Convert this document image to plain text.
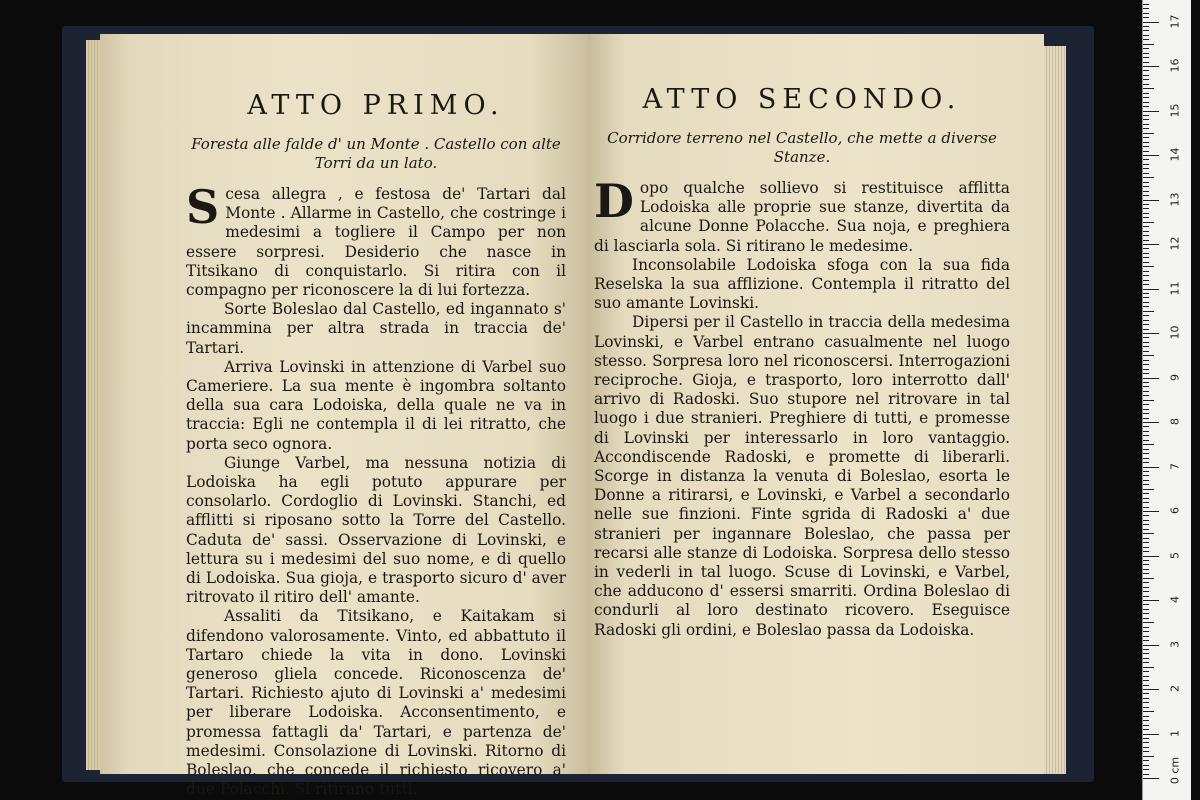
ATTO PRIMO.

Foresta alle falde d' un Monte . Castello con alte Torri da un lato.

S cesa allegra , e festosa de' Tartari dal Monte . Allarme in Castello, che costringe i medesimi a togliere il Campo per non essere sorpresi. Desiderio che nasce in Titsikano di conquistarlo. Si ritira con il compagno per riconoscere la di lui fortezza.

Sorte Boleslao dal Castello, ed ingannato s' incammina per altra strada in traccia de' Tartari.

Arriva Lovinski in attenzione di Varbel suo Cameriere. La sua mente è ingombra soltanto della sua cara Lodoiska, della quale ne va in traccia: Egli ne contempla il di lei ritratto, che porta seco ognora.

Giunge Varbel, ma nessuna notizia di Lodoiska ha egli potuto appurare per consolarlo. Cordoglio di Lovinski. Stanchi, ed afflitti si riposano sotto la Torre del Castello. Caduta de' sassi. Osservazione di Lovinski, e lettura su i medesimi del suo nome, e di quello di Lodoiska. Sua gioja, e trasporto sicuro d' aver ritrovato il ritiro dell' amante.

Assaliti da Titsikano, e Kaitakam si difendono valorosamente. Vinto, ed abbattuto il Tartaro chiede la vita in dono. Lovinski generoso gliela concede. Riconoscenza de' Tartari. Richiesto ajuto di Lovinski a' medesimi per liberare Lodoiska. Acconsentimento, e promessa fattagli da' Tartari, e partenza de' medesimi. Consolazione di Lovinski. Ritorno di Boleslao, che concede il richiesto ricovero a' due Polacchi. Si ritirano tutti.

ATTO SECONDO.

Corridore terreno nel Castello, che mette a diverse Stanze.

D opo qualche sollievo si restituisce afflitta Lodoiska alle proprie sue stanze, divertita da alcune Donne Polacche. Sua noja, e preghiera di lasciarla sola. Si ritirano le medesime.

Inconsolabile Lodoiska sfoga con la sua fida Reselska la sua afflizione. Contempla il ritratto del suo amante Lovinski.

Dipersi per il Castello in traccia della medesima Lovinski, e Varbel entrano casualmente nel luogo stesso. Sorpresa loro nel riconoscersi. Interrogazioni reciproche. Gioja, e trasporto, loro interrotto dall' arrivo di Radoski. Suo stupore nel ritrovare in tal luogo i due stranieri. Preghiere di tutti, e promesse di Lovinski per interessarlo in loro vantaggio. Accondiscende Radoski, e promette di liberarli. Scorge in distanza la venuta di Boleslao, esorta le Donne a ritirarsi, e Lovinski, e Varbel a secondarlo nelle sue finzioni. Finte sgrida di Radoski a' due stranieri per ingannare Boleslao, che passa per recarsi alle stanze di Lodoiska. Sorpresa dello stesso in vederli in tal luogo. Scuse di Lovinski, e Varbel, che adducono d' essersi smarriti. Ordina Boleslao di condurli al loro destinato ricovero. Eseguisce Radoski gli ordini, e Boleslao passa da Lodoiska.

0 cm
1
2
3
4
5
6
7
8
9
10
11
12
13
14
15
16
17
